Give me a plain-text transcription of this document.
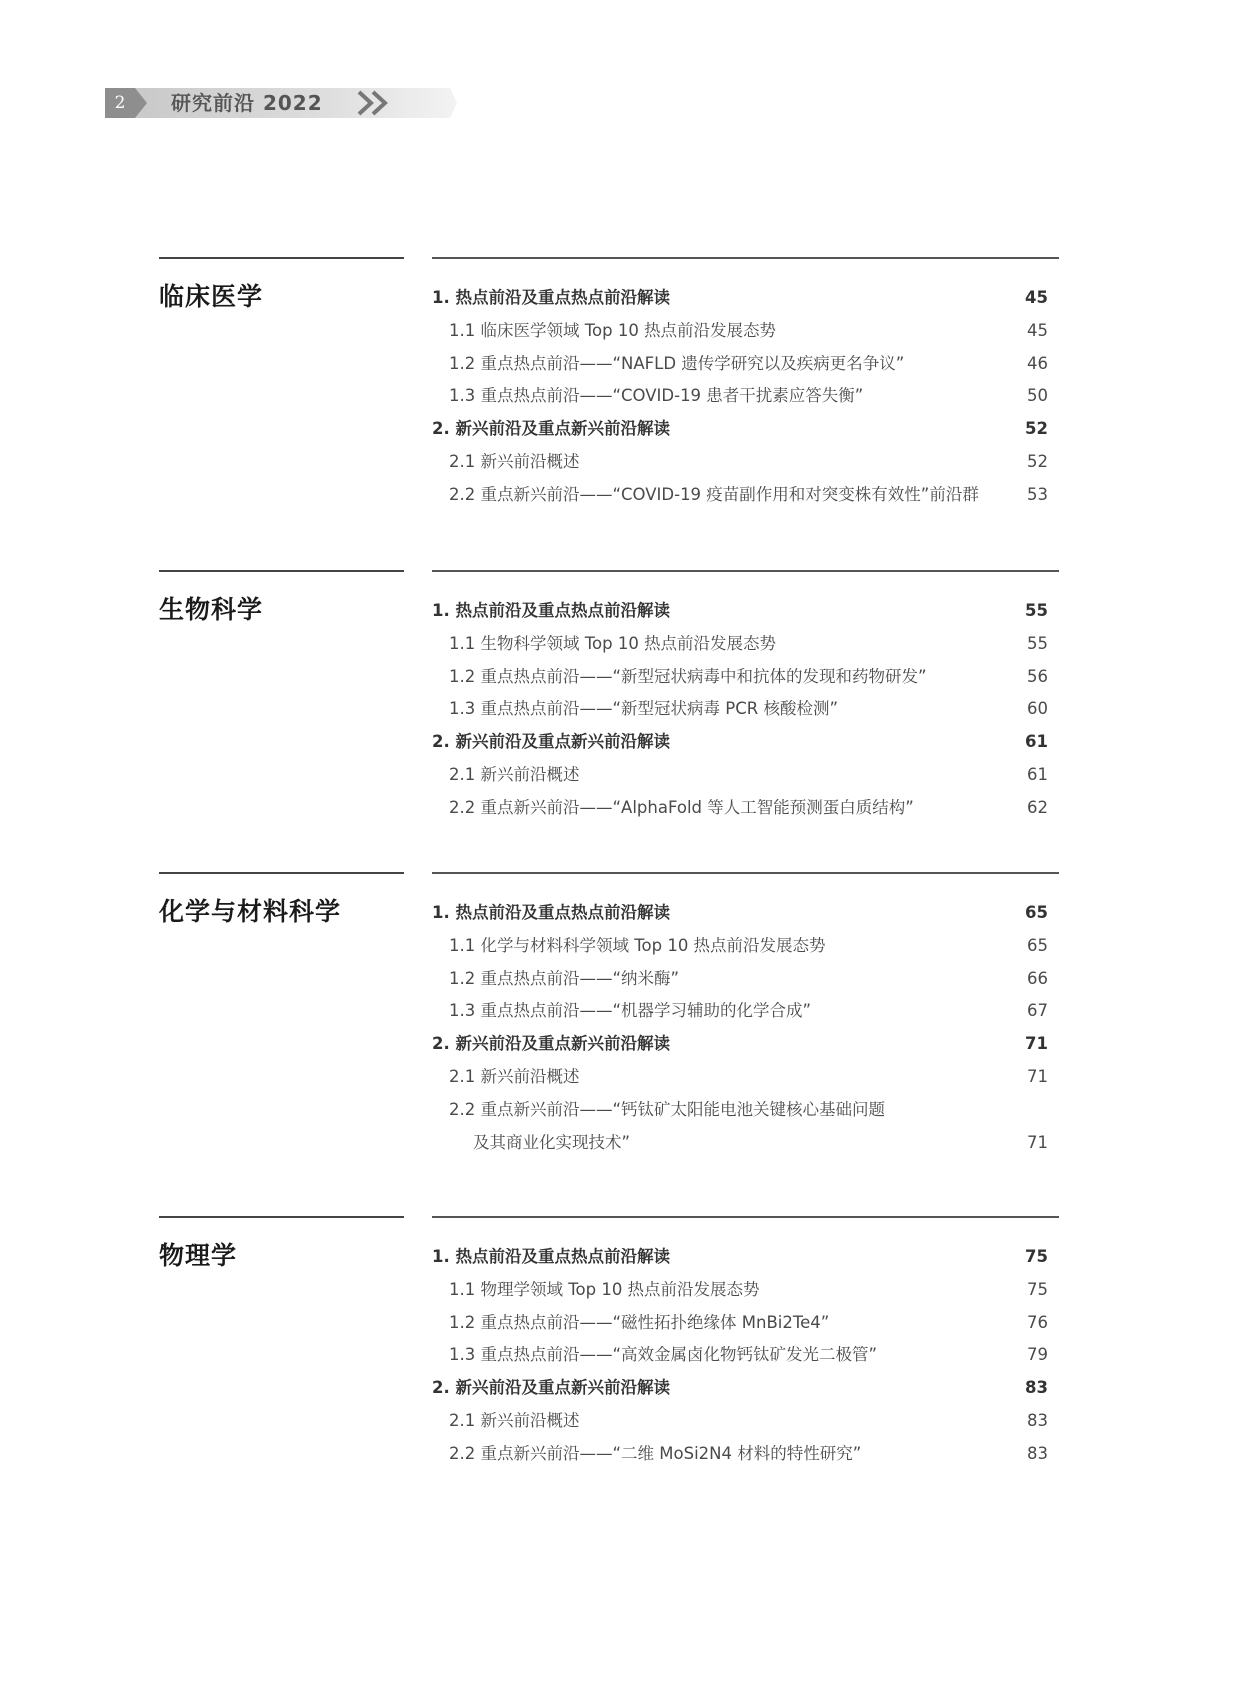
2	研究前沿 2022
临床医学	1. 热点前沿及重点热点前沿解读	45
1.1 临床医学领域 Top 10 热点前沿发展态势	45
1.2 重点热点前沿——“NAFLD 遗传学研究以及疾病更名争议”	46
1.3 重点热点前沿——“COVID-19 患者干扰素应答失衡”	50
2. 新兴前沿及重点新兴前沿解读	52
2.1 新兴前沿概述	52
2.2 重点新兴前沿——“COVID-19 疫苗副作用和对突变株有效性”前沿群	53
生物科学	1. 热点前沿及重点热点前沿解读	55
1.1 生物科学领域 Top 10 热点前沿发展态势	55
1.2 重点热点前沿——“新型冠状病毒中和抗体的发现和药物研发”	56
1.3 重点热点前沿——“新型冠状病毒 PCR 核酸检测”	60
2. 新兴前沿及重点新兴前沿解读	61
2.1 新兴前沿概述	61
2.2 重点新兴前沿——“AlphaFold 等人工智能预测蛋白质结构”	62
化学与材料科学	1. 热点前沿及重点热点前沿解读	65
1.1 化学与材料科学领域 Top 10 热点前沿发展态势	65
1.2 重点热点前沿——“纳米酶”	66
1.3 重点热点前沿——“机器学习辅助的化学合成”	67
2. 新兴前沿及重点新兴前沿解读	71
2.1 新兴前沿概述	71
2.2 重点新兴前沿——“钙钛矿太阳能电池关键核心基础问题
及其商业化实现技术”	71
物理学	1. 热点前沿及重点热点前沿解读	75
1.1 物理学领域 Top 10 热点前沿发展态势	75
1.2 重点热点前沿——“磁性拓扑绝缘体 MnBi2Te4”	76
1.3 重点热点前沿——“高效金属卤化物钙钛矿发光二极管”	79
2. 新兴前沿及重点新兴前沿解读	83
2.1 新兴前沿概述	83
2.2 重点新兴前沿——“二维 MoSi2N4 材料的特性研究”	83
